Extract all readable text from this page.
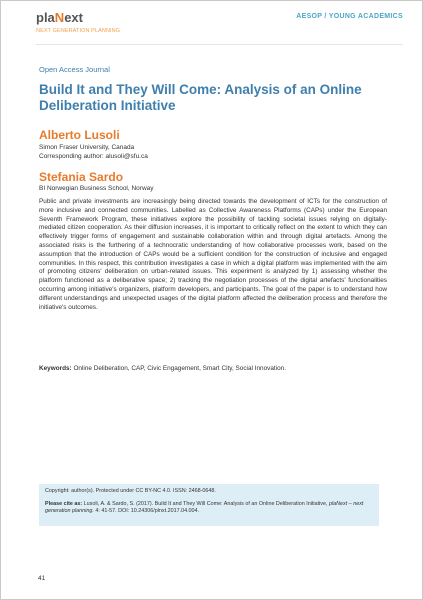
plaNext
NEXT GENERATION PLANNING
AESOP / YOUNG ACADEMICS
Open Access Journal
Build It and They Will Come: Analysis of an Online Deliberation Initiative
Alberto Lusoli
Simon Fraser University, Canada
Corresponding author: alusoli@sfu.ca
Stefania Sardo
BI Norwegian Business School, Norway

Public and private investments are increasingly being directed towards the development of ICTs for the construction of more inclusive and connected communities. Labelled as Collective Awareness Platforms (CAPs) under the European Seventh Framework Program, these initiatives explore the possibility of tackling societal issues relying on digitally-mediated citizen cooperation. As their diffusion increases, it is important to critically reflect on the extent to which they can effectively trigger forms of engagement and sustainable collaboration within and through digital artefacts. Among the associated risks is the furthering of a technocratic understanding of how collaborative processes work, based on the assumption that the introduction of CAPs would be a sufficient condition for the construction of inclusive and engaged communities. In this respect, this contribution investigates a case in which a digital platform was implemented with the aim of promoting citizens' deliberation on urban-related issues. This experiment is analyzed by 1) assessing whether the platform functioned as a deliberative space; 2) tracking the negotiation processes of the digital artefacts' functionalities occurring among initiative's organizers, platform developers, and participants. The goal of the paper is to understand how different understandings and unexpected usages of the digital platform affected the deliberation process and therefore the initiative's outcomes.

Keywords: Online Deliberation, CAP, Civic Engagement, Smart City, Social Innovation.

Copyright: author(s). Protected under CC BY-NC 4.0. ISSN: 2468-0648.

Please cite as: Lusoli, A. & Sardo, S. (2017). Build It and They Will Come: Analysis of an Online Deliberation Initiative, plaNext – next generation planning. 4: 41-57. DOI: 10.24306/plnxt.2017.04.004.

41
